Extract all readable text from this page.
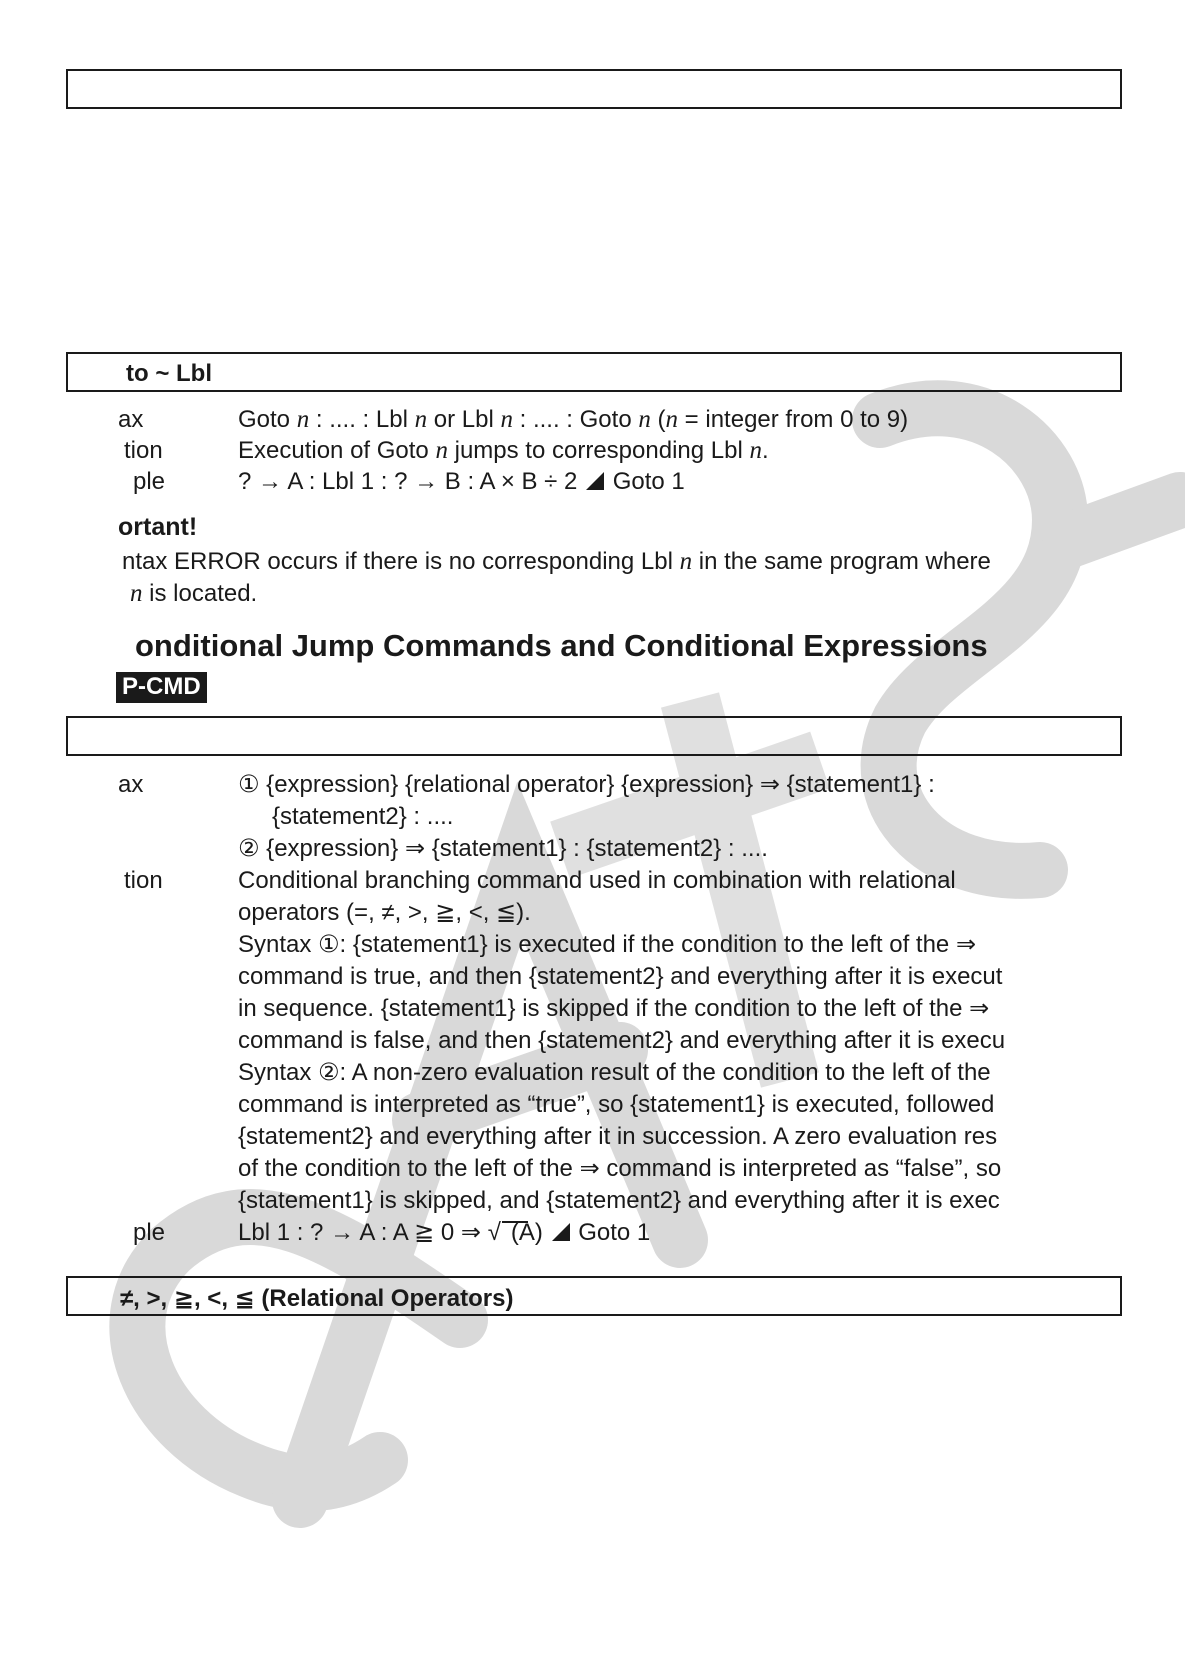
to ~ Lbl
ax	Goto n : .... : Lbl n or Lbl n : .... : Goto n (n = integer from 0 to 9)
tion	Execution of Goto n jumps to corresponding Lbl n.
ple	? → A : Lbl 1 : ? → B : A × B ÷ 2 Goto 1
ortant!
ntax ERROR occurs if there is no corresponding Lbl n in the same program where
n is located.
onditional Jump Commands and Conditional Expressions
P-CMD
ax	① {expression} {relational operator} {expression} ⇒ {statement1} :
{statement2} : ....
② {expression} ⇒ {statement1} : {statement2} : ....
tion	Conditional branching command used in combination with relational
operators (=, ≠, >, ≧, <, ≦).
Syntax ①: {statement1} is executed if the condition to the left of the ⇒
command is true, and then {statement2} and everything after it is execut
in sequence. {statement1} is skipped if the condition to the left of the ⇒
command is false, and then {statement2} and everything after it is execu
Syntax ②: A non-zero evaluation result of the condition to the left of the
command is interpreted as “true”, so {statement1} is executed, followed
{statement2} and everything after it in succession. A zero evaluation res
of the condition to the left of the ⇒ command is interpreted as “false”, so
{statement1} is skipped, and {statement2} and everything after it is exec
ple	Lbl 1 : ? → A : A ≧ 0 ⇒ √ (A) Goto 1
≠, >, ≧, <, ≦ (Relational Operators)
